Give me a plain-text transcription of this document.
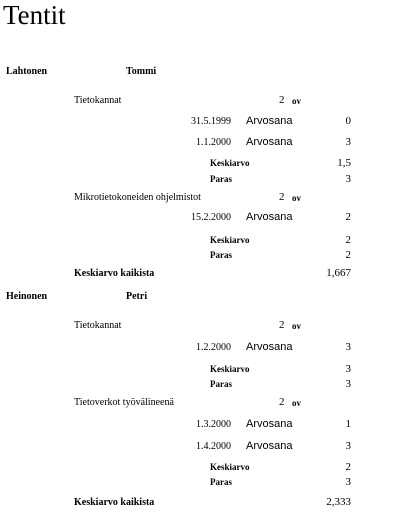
Tentit
Lahtonen	Tommi
Tietokannat	2 ov
31.5.1999 Arvosana	0
1.1.2000 Arvosana	3
Keskiarvo	1,5
Paras	3
Mikrotietokoneiden ohjelmistot	2 ov
15.2.2000 Arvosana	2
Keskiarvo	2
Paras	2
Keskiarvo kaikista	1,667
Heinonen	Petri
Tietokannat	2 ov
1.2.2000 Arvosana	3
Keskiarvo	3
Paras	3
Tietoverkot työvälineenä	2 ov
1.3.2000 Arvosana	1
1.4.2000 Arvosana	3
Keskiarvo	2
Paras	3
Keskiarvo kaikista	2,333
